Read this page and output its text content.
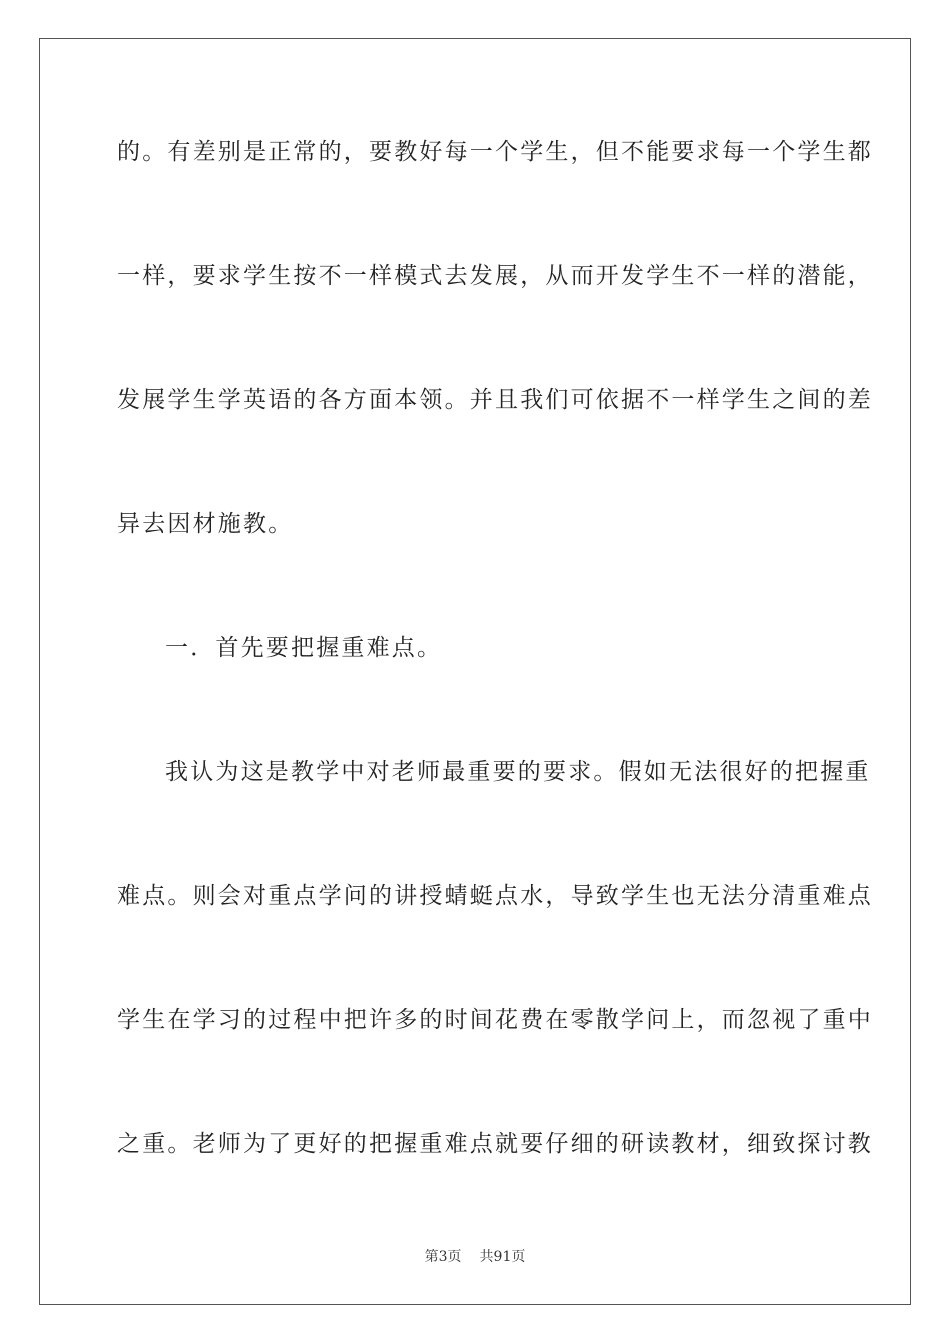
的。有差别是正常的，要教好每一个学生，但不能要求每一个学生都
一样，要求学生按不一样模式去发展，从而开发学生不一样的潜能，
发展学生学英语的各方面本领。并且我们可依据不一样学生之间的差
异去因材施教。
一．首先要把握重难点。
我认为这是教学中对老师最重要的要求。假如无法很好的把握重
难点。则会对重点学问的讲授蜻蜓点水，导致学生也无法分清重难点
学生在学习的过程中把许多的时间花费在零散学问上，而忽视了重中
之重。老师为了更好的把握重难点就要仔细的研读教材，细致探讨教
第3页 共91页
